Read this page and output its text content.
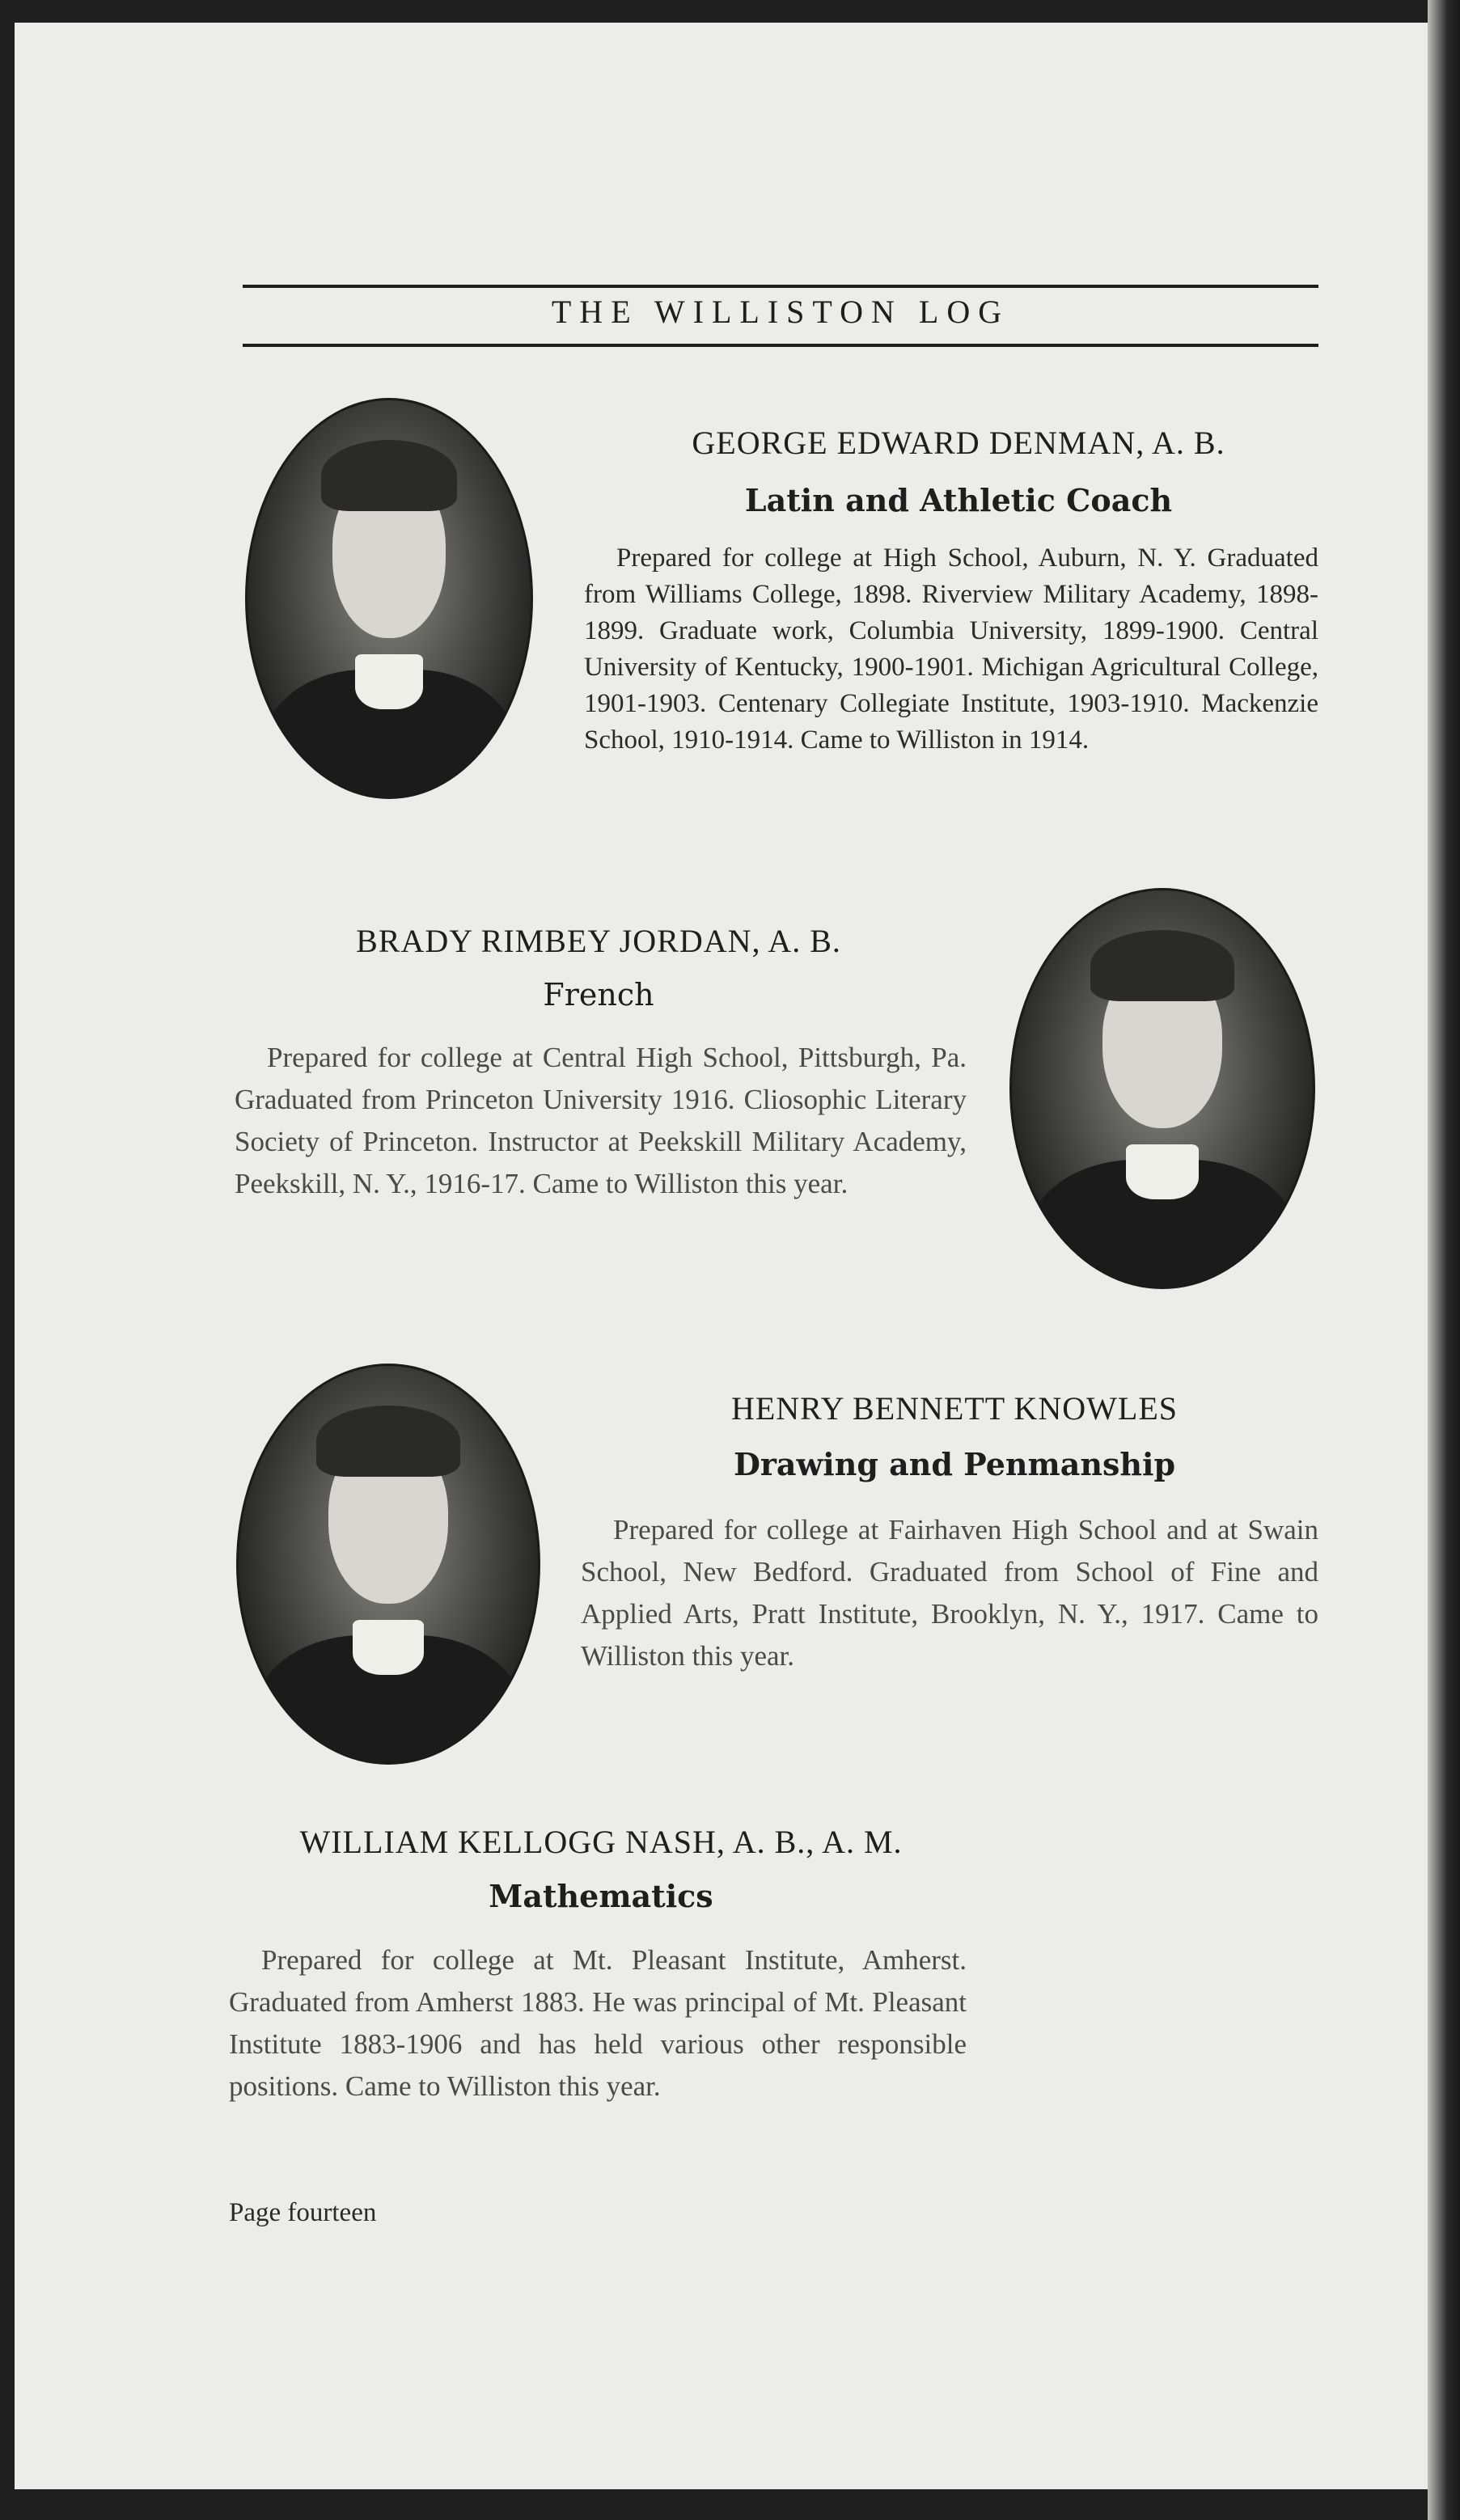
THE WILLISTON LOG
GEORGE EDWARD DENMAN, A. B.
Latin and Athletic Coach

Prepared for college at High School, Auburn, N. Y. Graduated from Williams College, 1898. Riverview Military Academy, 1898-1899. Graduate work, Columbia University, 1899-1900. Central University of Kentucky, 1900-1901. Michigan Agricultural College, 1901-1903. Centenary Collegiate Institute, 1903-1910. Mackenzie School, 1910-1914. Came to Williston in 1914.

BRADY RIMBEY JORDAN, A. B.
French

Prepared for college at Central High School, Pittsburgh, Pa. Graduated from Princeton University 1916. Cliosophic Literary Society of Princeton. Instructor at Peekskill Military Academy, Peekskill, N. Y., 1916-17. Came to Williston this year.

HENRY BENNETT KNOWLES
Drawing and Penmanship

Prepared for college at Fairhaven High School and at Swain School, New Bedford. Graduated from School of Fine and Applied Arts, Pratt Institute, Brooklyn, N. Y., 1917. Came to Williston this year.

WILLIAM KELLOGG NASH, A. B., A. M.
Mathematics

Prepared for college at Mt. Pleasant Institute, Amherst. Graduated from Amherst 1883. He was principal of Mt. Pleasant Institute 1883-1906 and has held various other responsible positions. Came to Williston this year.

Page fourteen
